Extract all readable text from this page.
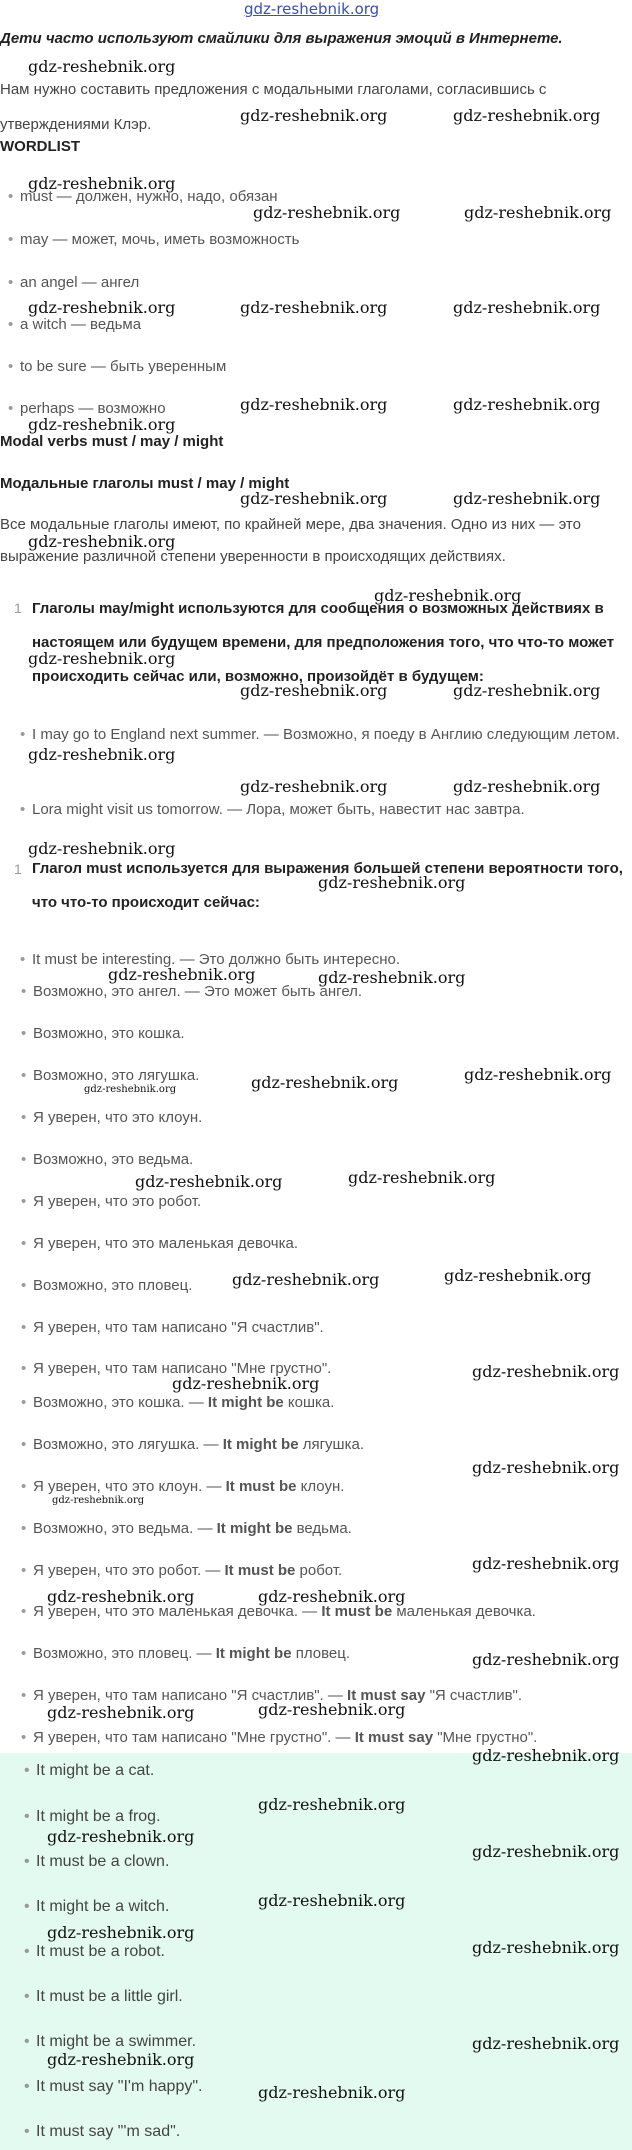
gdz-reshebnik.org
Дети часто используют смайлики для выражения эмоций в Интернете.
Нам нужно составить предложения с модальными глаголами, согласившись с утверждениями Клэр.
WORDLIST
• must — должен, нужно, надо, обязан
• may — может, мочь, иметь возможность
• an angel — ангел
• a witch — ведьма
• to be sure — быть уверенным
• perhaps — возможно
Modal verbs must / may / might
Модальные глаголы must / may / might
Все модальные глаголы имеют, по крайней мере, два значения. Одно из них — это выражение различной степени уверенности в происходящих действиях.
1 Глаголы may/might используются для сообщения о возможных действиях в настоящем или будущем времени, для предположения того, что что-то может происходить сейчас или, возможно, произойдёт в будущем:
• I may go to England next summer. — Возможно, я поеду в Англию следующим летом.
• Lora might visit us tomorrow. — Лора, может быть, навестит нас завтра.
1 Глагол must используется для выражения большей степени вероятности того, что что-то происходит сейчас:
• It must be interesting. — Это должно быть интересно.
• Возможно, это ангел. — Это может быть ангел.
• Возможно, это кошка.
• Возможно, это лягушка.
• Я уверен, что это клоун.
• Возможно, это ведьма.
• Я уверен, что это робот.
• Я уверен, что это маленькая девочка.
• Возможно, это пловец.
• Я уверен, что там написано "Я счастлив".
• Я уверен, что там написано "Мне грустно".
• Возможно, это кошка. — It might be кошка.
• Возможно, это лягушка. — It might be лягушка.
• Я уверен, что это клоун. — It must be клоун.
• Возможно, это ведьма. — It might be ведьма.
• Я уверен, что это робот. — It must be робот.
• Я уверен, что это маленькая девочка. — It must be маленькая девочка.
• Возможно, это пловец. — It might be пловец.
• Я уверен, что там написано "Я счастлив". — It must say "Я счастлив".
• Я уверен, что там написано "Мне грустно". — It must say "Мне грустно".
• It might be a cat.
• It might be a frog.
• It must be a clown.
• It might be a witch.
• It must be a robot.
• It must be a little girl.
• It might be a swimmer.
• It must say "I'm happy".
• It must say "'m sad".
gdz-reshebnik.org
gdz-reshebnik.org	gdz-reshebnik.org
gdz-reshebnik.org
gdz-reshebnik.org	gdz-reshebnik.org
gdz-reshebnik.org	gdz-reshebnik.org	gdz-reshebnik.org
gdz-reshebnik.org	gdz-reshebnik.org
gdz-reshebnik.org
gdz-reshebnik.org	gdz-reshebnik.org
gdz-reshebnik.org
gdz-reshebnik.org
gdz-reshebnik.org
gdz-reshebnik.org	gdz-reshebnik.org
gdz-reshebnik.org
gdz-reshebnik.org	gdz-reshebnik.org
gdz-reshebnik.org
gdz-reshebnik.org
gdz-reshebnik.org	gdz-reshebnik.org
gdz-reshebnik.org	gdz-reshebnik.org
gdz-reshebnik.org
gdz-reshebnik.org	gdz-reshebnik.org
gdz-reshebnik.org	gdz-reshebnik.org
gdz-reshebnik.org
gdz-reshebnik.org
gdz-reshebnik.org
gdz-reshebnik.org
gdz-reshebnik.org
gdz-reshebnik.org	gdz-reshebnik.org
gdz-reshebnik.org
gdz-reshebnik.org	gdz-reshebnik.org
gdz-reshebnik.org
gdz-reshebnik.org
gdz-reshebnik.org
gdz-reshebnik.org
gdz-reshebnik.org
gdz-reshebnik.org
gdz-reshebnik.org
gdz-reshebnik.org
gdz-reshebnik.org
gdz-reshebnik.org
